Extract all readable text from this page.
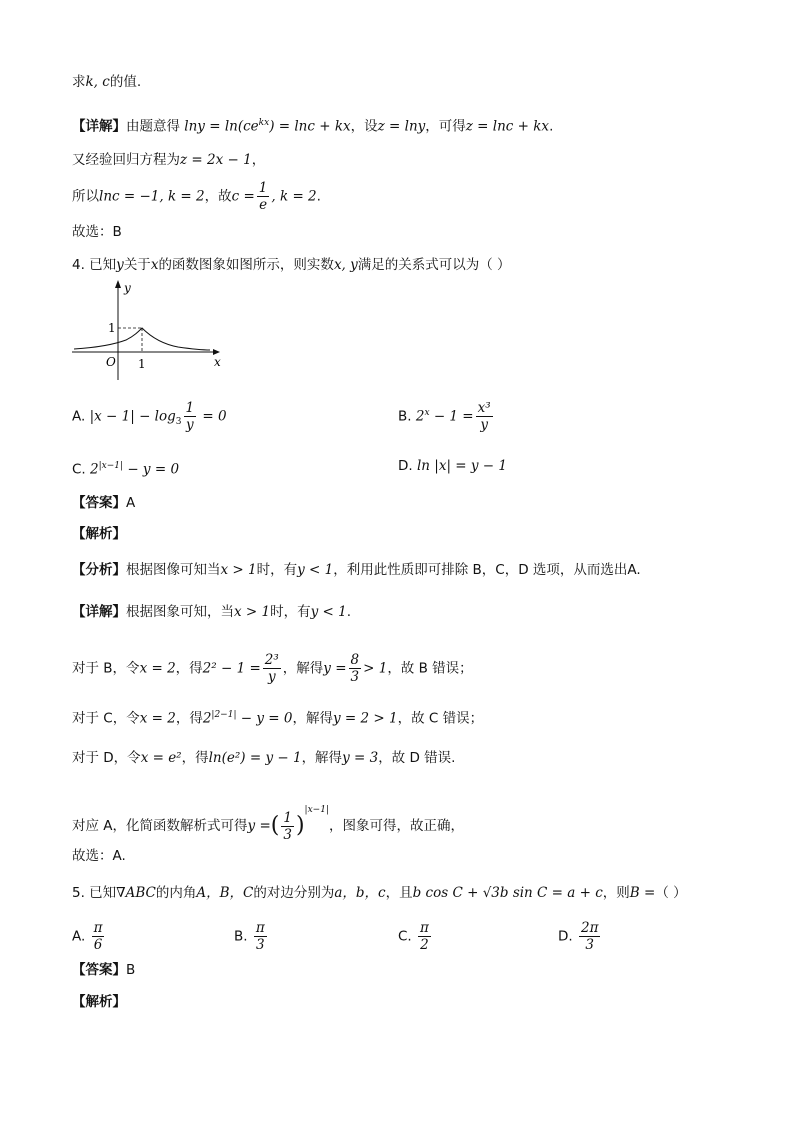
求k, c的值.
【详解】由题意得 $\ln y = \ln(ce^{kx}) = \ln c$ + kx，设z = lny，可得z = lnc + kx.
又经验回归方程为z = 2x − 1，
所以lnc = −1, k = 2，故$c = \frac{1}{e}$ , k = 2.
故选：B
4. 已知y关于x的函数图象如图所示，则实数x, y满足的关系式可以为（ ）
y
x
O 1
1
A. $|x - 1| - \log_3 \frac{1}{y} = 0$	B. $2^x - 1 = \frac{\text{x³}}{y}$
C. $2^{|x-1|} - y = 0$	D. ln |x| = y − 1
【答案】A
【解析】
【分析】根据图像可知当x > 1时，有y < 1，利用此性质即可排除 B，C，D 选项，从而选出A.
【详解】根据图象可知，当x > 1时，有y < 1.
对于 B，令x = 2，得$2^2 - 1 = \frac{\text{2³}}{y}$ ，解得$y = \frac{8}{3} > 1$，故 B 错误；
对于 C，令x = 2，得$2^{|2-1|} - y = 0$，解得y = 2 > 1，故 C 错误；
对于 D，令x = e²，得ln(e²) = y − 1，解得y = 3，故 D 错误.
对应 A，化简函数解析式可得y =( $\frac{1}{3} )^{|x-1|}$，图象可得，故正确，
故选：A.
5. 已知∇ABC的内角A，B，C的对边分别为a，b，c，且b cos C + √3b sin C = a + c，则B =（ ）
A. $\frac{\pi}{6}$	B. $\frac{\pi}{3}$	C. $\frac{\pi}{2}$	D. $\frac{2\pi}{3}$
【答案】B
【解析】
